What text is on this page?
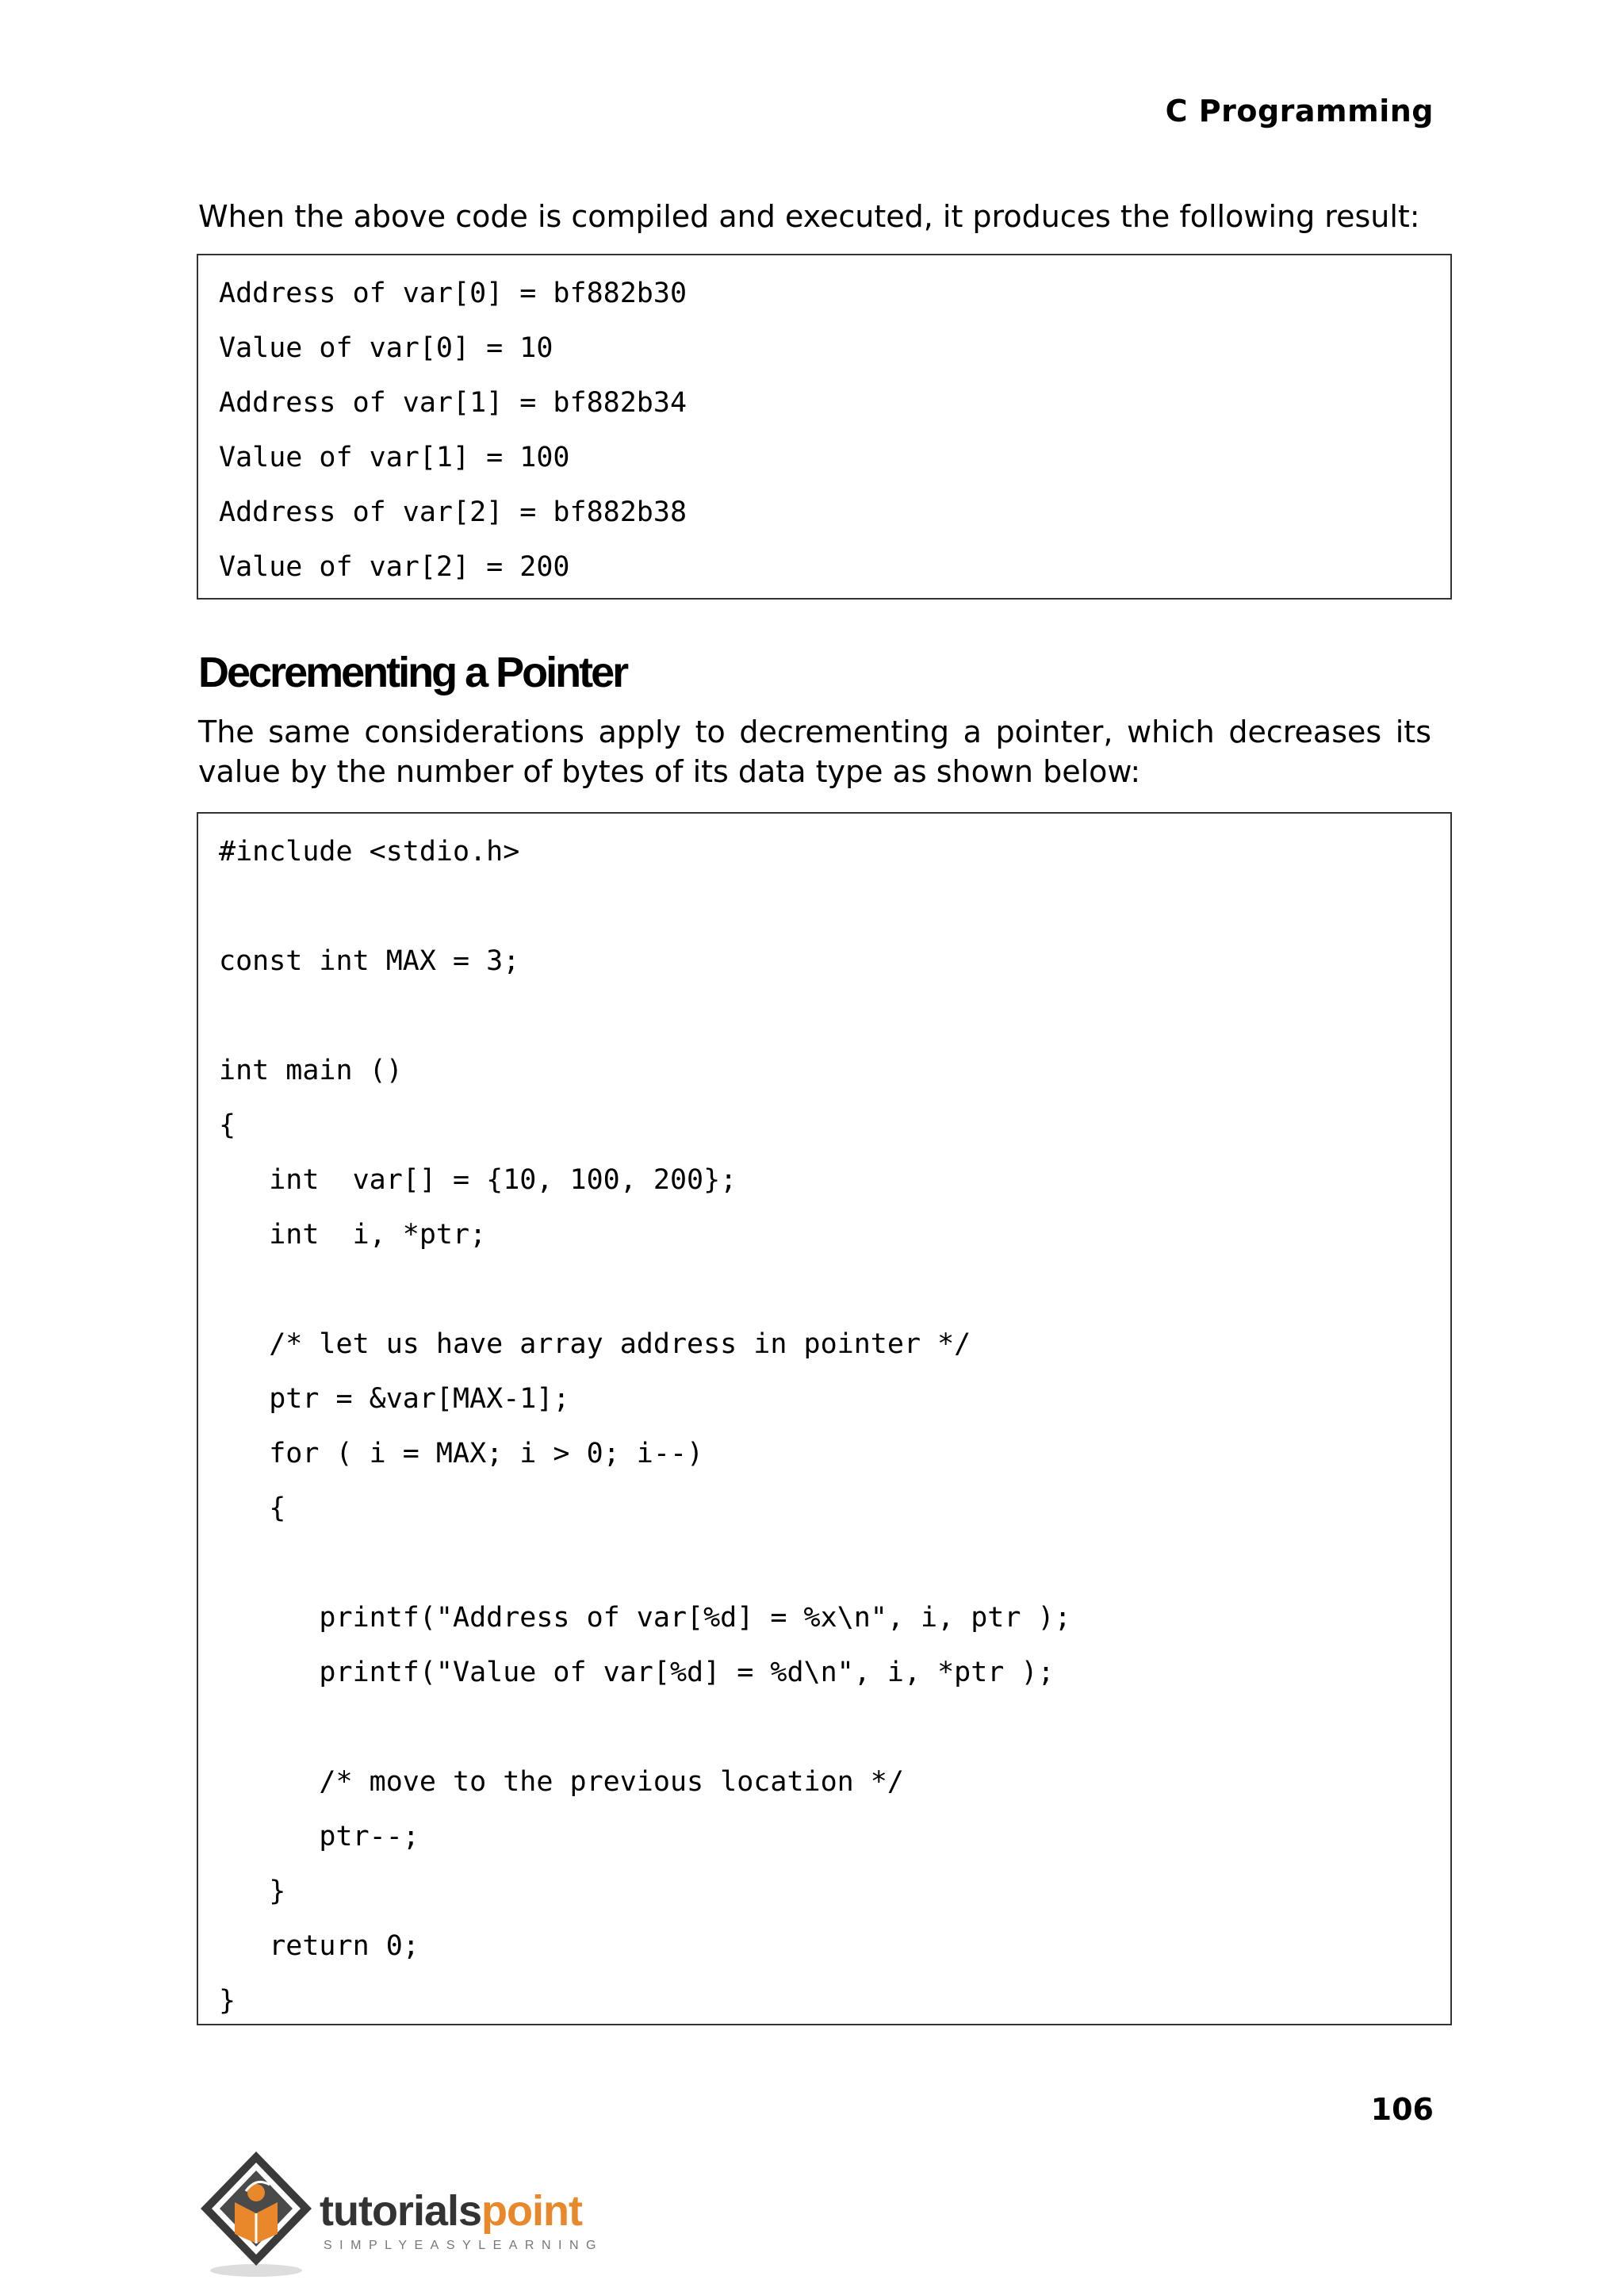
C Programming
When the above code is compiled and executed, it produces the following result:
Address of var[0] = bf882b30
Value of var[0] = 10
Address of var[1] = bf882b34
Value of var[1] = 100
Address of var[2] = bf882b38
Value of var[2] = 200
Decrementing a Pointer
The same considerations apply to decrementing a pointer, which decreases its value by the number of bytes of its data type as shown below:
#include <stdio.h>
const int MAX = 3;
int main ()
{
int  var[] = {10, 100, 200};
int  i, *ptr;
/* let us have array address in pointer */
ptr = &var[MAX-1];
for ( i = MAX; i > 0; i--)
{
printf("Address of var[%d] = %x\n", i, ptr );
printf("Value of var[%d] = %d\n", i, *ptr );
/* move to the previous location */
ptr--;
}
return 0;
}
106
tutorialspoint
SIMPLYEASYLEARNING
